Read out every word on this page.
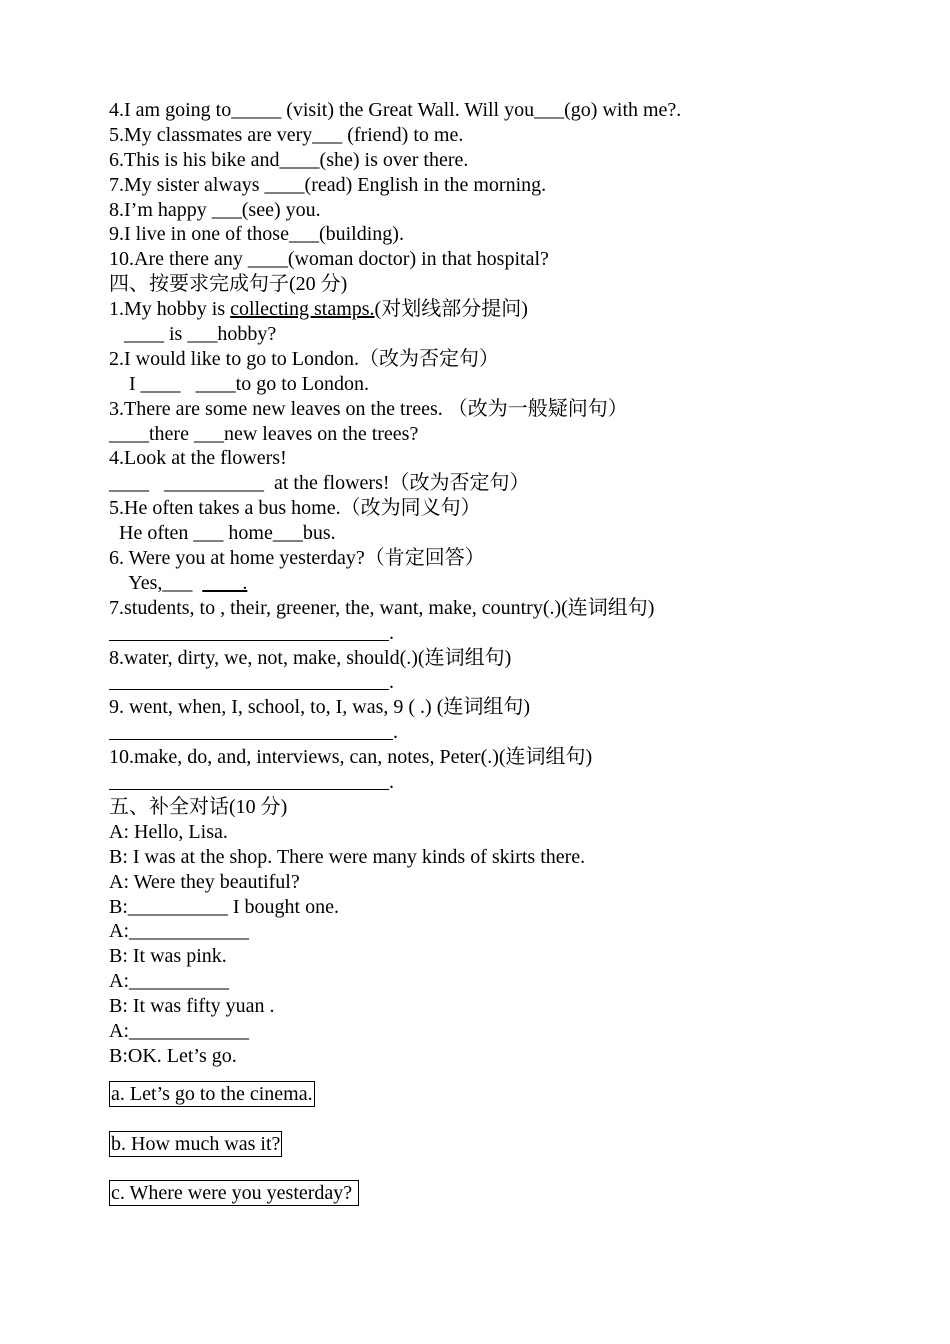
4.I am going to_____ (visit) the Great Wall. Will you___(go) with me?.
5.My classmates are very___ (friend) to me.
6.This is his bike and____(she) is over there.
7.My sister always ____(read) English in the morning.
8.I’m happy ___(see) you.
9.I live in one of those___(building).
10.Are there any ____(woman doctor) in that hospital?
四、按要求完成句子(20 分)
1.My hobby is collecting stamps.(对划线部分提问)
____ is ___hobby?
2.I would like to go to London.（改为否定句）
I ____   ____to go to London.
3.There are some new leaves on the trees. （改为一般疑问句）
____there ___new leaves on the trees?
4.Look at the flowers!
____   __________  at the flowers!（改为否定句）
5.He often takes a bus home.（改为同义句）
He often ___ home___bus.
6. Were you at home yesterday?（肯定回答）
Yes,___  ____.
7.students, to , their, greener, the, want, make, country(.)(连词组句)
.
8.water, dirty, we, not, make, should(.)(连词组句)
.
9. went, when, I, school, to, I, was, 9 ( .) (连词组句)
.
10.make, do, and, interviews, can, notes, Peter(.)(连词组句)
.
五、补全对话(10 分)
A: Hello, Lisa.
B: I was at the shop. There were many kinds of skirts there.
A: Were they beautiful?
B:__________ I bought one.
A:____________
B: It was pink.
A:__________
B: It was fifty yuan .
A:____________
B:OK. Let’s go.
a. Let’s go to the cinema.
b. How much was it?
c. Where were you yesterday?
